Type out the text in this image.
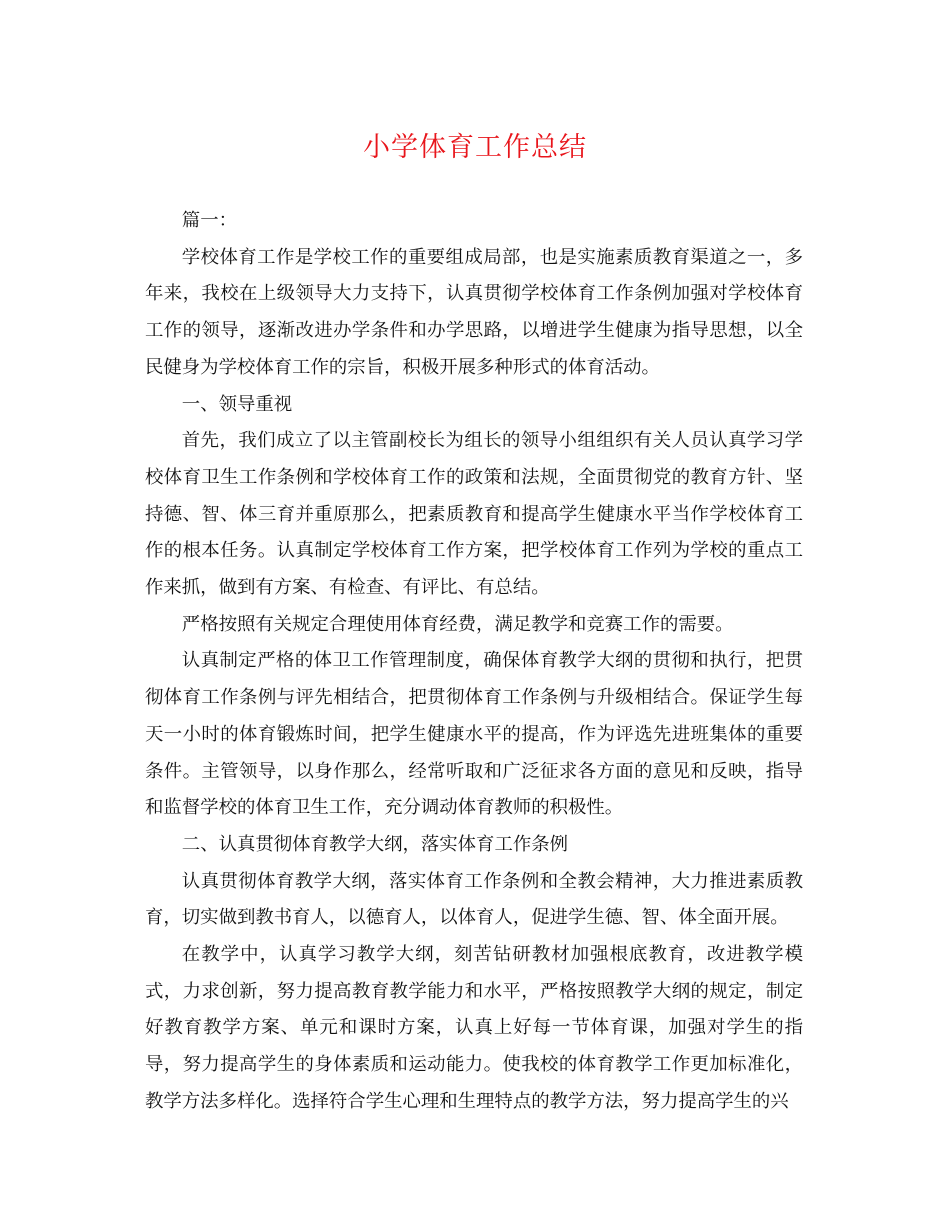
小学体育工作总结

篇一：

学校体育工作是学校工作的重要组成局部，也是实施素质教育渠道之一，多年来，我校在上级领导大力支持下，认真贯彻学校体育工作条例加强对学校体育工作的领导，逐渐改进办学条件和办学思路，以增进学生健康为指导思想，以全民健身为学校体育工作的宗旨，积极开展多种形式的体育活动。

一、领导重视

首先，我们成立了以主管副校长为组长的领导小组组织有关人员认真学习学校体育卫生工作条例和学校体育工作的政策和法规，全面贯彻党的教育方针、坚持德、智、体三育并重原那么，把素质教育和提高学生健康水平当作学校体育工作的根本任务。认真制定学校体育工作方案，把学校体育工作列为学校的重点工作来抓，做到有方案、有检查、有评比、有总结。

严格按照有关规定合理使用体育经费，满足教学和竞赛工作的需要。

认真制定严格的体卫工作管理制度，确保体育教学大纲的贯彻和执行，把贯彻体育工作条例与评先相结合，把贯彻体育工作条例与升级相结合。保证学生每天一小时的体育锻炼时间，把学生健康水平的提高，作为评选先进班集体的重要条件。主管领导，以身作那么，经常听取和广泛征求各方面的意见和反映，指导和监督学校的体育卫生工作，充分调动体育教师的积极性。

二、认真贯彻体育教学大纲，落实体育工作条例

认真贯彻体育教学大纲，落实体育工作条例和全教会精神，大力推进素质教育，切实做到教书育人，以德育人，以体育人，促进学生德、智、体全面开展。

在教学中，认真学习教学大纲，刻苦钻研教材加强根底教育，改进教学模式，力求创新，努力提高教育教学能力和水平，严格按照教学大纲的规定，制定好教育教学方案、单元和课时方案，认真上好每一节体育课，加强对学生的指导，努力提高学生的身体素质和运动能力。使我校的体育教学工作更加标准化，教学方法多样化。选择符合学生心理和生理特点的教学方法，努力提高学生的兴
